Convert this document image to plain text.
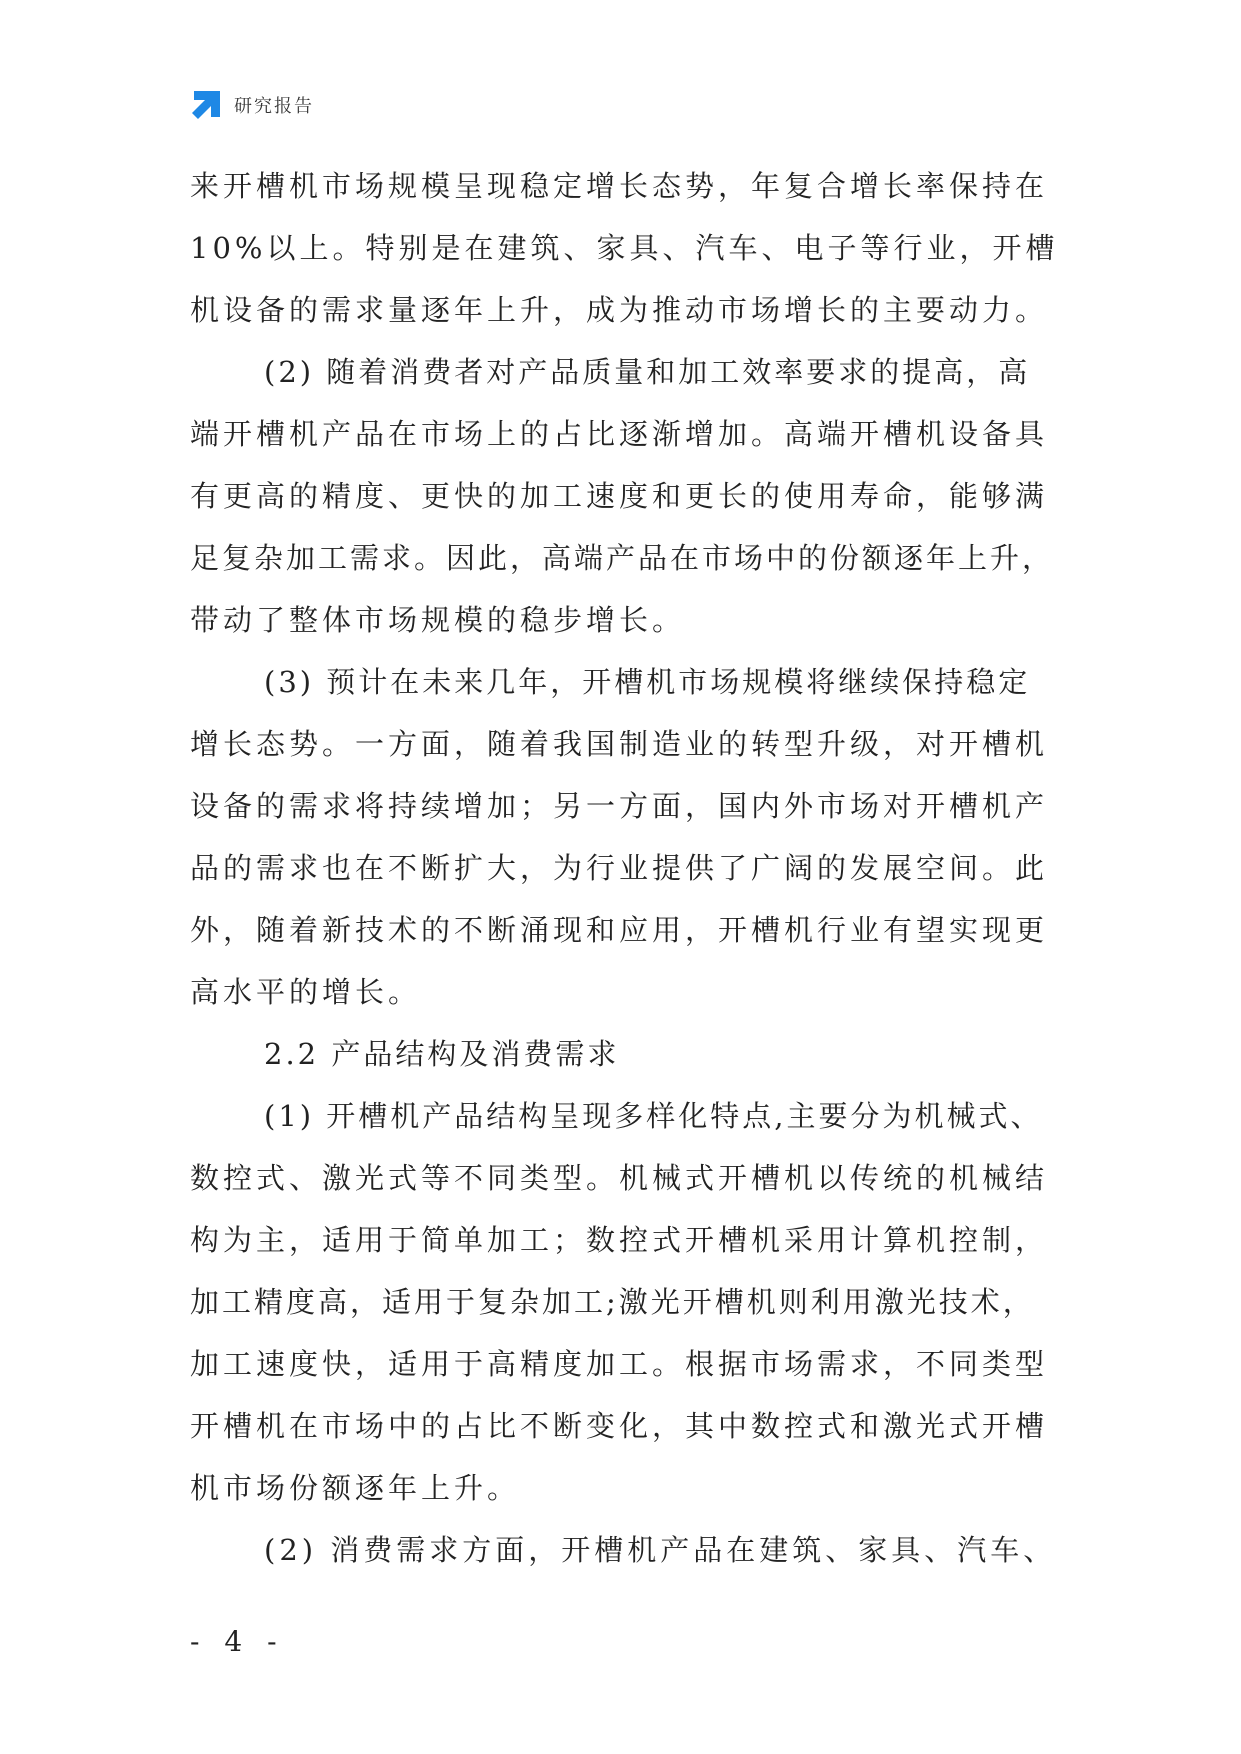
研究报告
来开槽机市场规模呈现稳定增长态势，年复合增长率保持在
10%以上。特别是在建筑、家具、汽车、电子等行业，开槽
机设备的需求量逐年上升，成为推动市场增长的主要动力。
(2) 随着消费者对产品质量和加工效率要求的提高，高
端开槽机产品在市场上的占比逐渐增加。高端开槽机设备具
有更高的精度、更快的加工速度和更长的使用寿命，能够满
足复杂加工需求。因此，高端产品在市场中的份额逐年上升，
带动了整体市场规模的稳步增长。
(3) 预计在未来几年，开槽机市场规模将继续保持稳定
增长态势。一方面，随着我国制造业的转型升级，对开槽机
设备的需求将持续增加；另一方面，国内外市场对开槽机产
品的需求也在不断扩大，为行业提供了广阔的发展空间。此
外，随着新技术的不断涌现和应用，开槽机行业有望实现更
高水平的增长。
2.2 产品结构及消费需求
(1) 开槽机产品结构呈现多样化特点,主要分为机械式、
数控式、激光式等不同类型。机械式开槽机以传统的机械结
构为主，适用于简单加工；数控式开槽机采用计算机控制，
加工精度高，适用于复杂加工;激光开槽机则利用激光技术，
加工速度快，适用于高精度加工。根据市场需求，不同类型
开槽机在市场中的占比不断变化，其中数控式和激光式开槽
机市场份额逐年上升。
(2) 消费需求方面，开槽机产品在建筑、家具、汽车、
- 4 -
